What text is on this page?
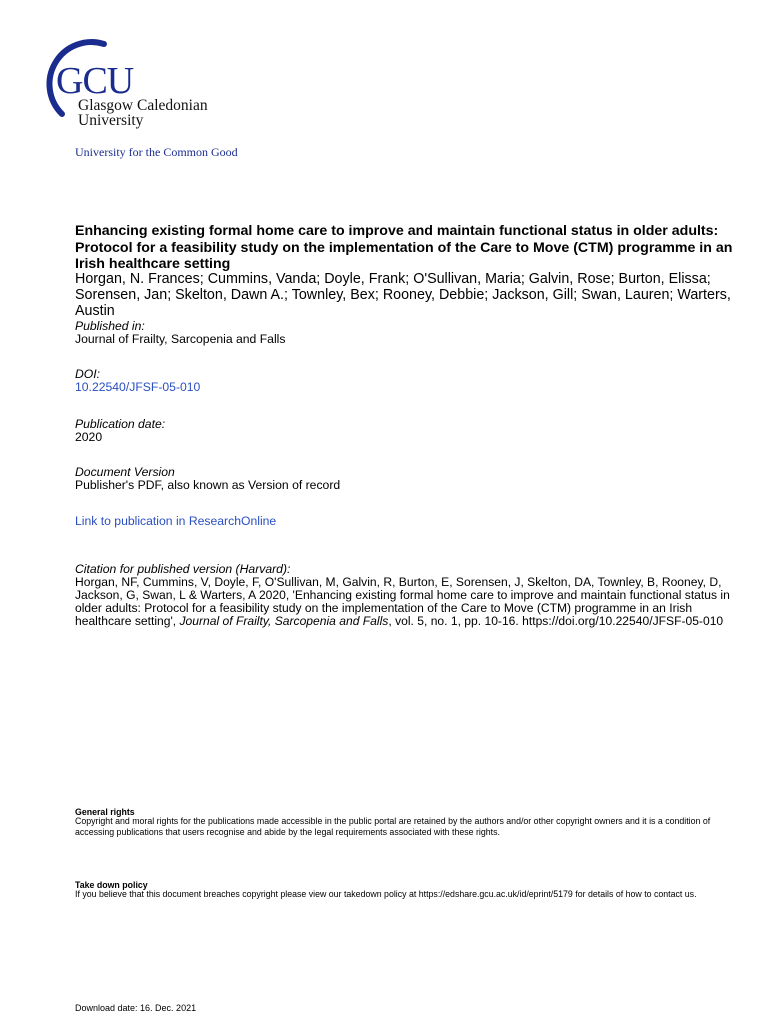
GCU
Glasgow Caledonian
University
University for the Common Good
Enhancing existing formal home care to improve and maintain functional status in older adults: Protocol for a feasibility study on the implementation of the Care to Move (CTM) programme in an Irish healthcare setting
Horgan, N. Frances; Cummins, Vanda; Doyle, Frank; O'Sullivan, Maria; Galvin, Rose; Burton, Elissa; Sorensen, Jan; Skelton, Dawn A.; Townley, Bex; Rooney, Debbie; Jackson, Gill; Swan, Lauren; Warters, Austin
Published in:
Journal of Frailty, Sarcopenia and Falls
DOI:
10.22540/JFSF-05-010
Publication date:
2020
Document Version
Publisher's PDF, also known as Version of record
Link to publication in ResearchOnline
Citation for published version (Harvard):
Horgan, NF, Cummins, V, Doyle, F, O'Sullivan, M, Galvin, R, Burton, E, Sorensen, J, Skelton, DA, Townley, B, Rooney, D, Jackson, G, Swan, L & Warters, A 2020, 'Enhancing existing formal home care to improve and maintain functional status in older adults: Protocol for a feasibility study on the implementation of the Care to Move (CTM) programme in an Irish healthcare setting', Journal of Frailty, Sarcopenia and Falls, vol. 5, no. 1, pp. 10-16. https://doi.org/10.22540/JFSF-05-010
General rights
Copyright and moral rights for the publications made accessible in the public portal are retained by the authors and/or other copyright owners and it is a condition of accessing publications that users recognise and abide by the legal requirements associated with these rights.
Take down policy
If you believe that this document breaches copyright please view our takedown policy at https://edshare.gcu.ac.uk/id/eprint/5179 for details of how to contact us.
Download date: 16. Dec. 2021
